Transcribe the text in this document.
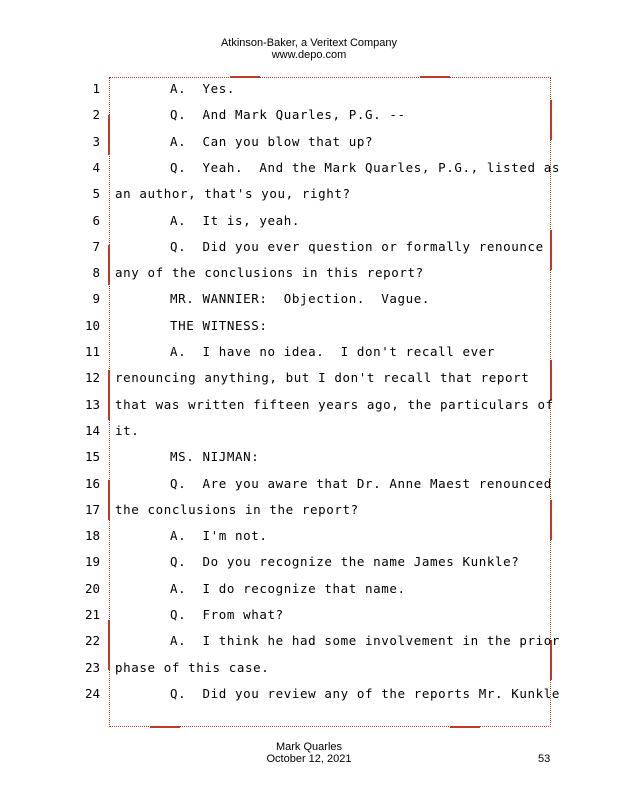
Atkinson-Baker, a Veritext Company
www.depo.com
1	A.  Yes.
2	Q.  And Mark Quarles, P.G. --
3	A.  Can you blow that up?
4	Q.  Yeah.  And the Mark Quarles, P.G., listed as
5 an author, that's you, right?
6	A.  It is, yeah.
7	Q.  Did you ever question or formally renounce
8 any of the conclusions in this report?
9	MR. WANNIER:  Objection.  Vague.
10	THE WITNESS:
11	A.  I have no idea.  I don't recall ever
12 renouncing anything, but I don't recall that report
13 that was written fifteen years ago, the particulars of
14 it.
15	MS. NIJMAN:
16	Q.  Are you aware that Dr. Anne Maest renounced
17 the conclusions in the report?
18	A.  I'm not.
19	Q.  Do you recognize the name James Kunkle?
20	A.  I do recognize that name.
21	Q.  From what?
22	A.  I think he had some involvement in the prior
23 phase of this case.
24	Q.  Did you review any of the reports Mr. Kunkle
Mark Quarles
October 12, 2021	53
